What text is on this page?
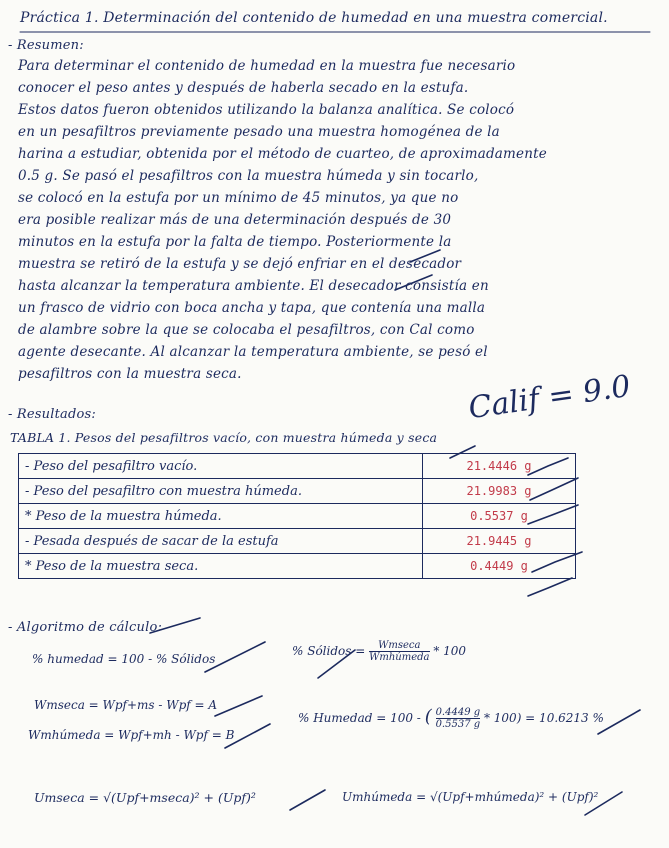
Práctica 1. Determinación del contenido de humedad en una muestra comercial.
- Resumen:
Para determinar el contenido de humedad en la muestra fue necesario
conocer el peso antes y después de haberla secado en la estufa.
Estos datos fueron obtenidos utilizando la balanza analítica. Se colocó
en un pesafiltros previamente pesado una muestra homogénea de la
harina a estudiar, obtenida por el método de cuarteo, de aproximadamente
0.5 g. Se pasó el pesafiltros con la muestra húmeda y sin tocarlo,
se colocó en la estufa por un mínimo de 45 minutos, ya que no
era posible realizar más de una determinación después de 30
minutos en la estufa por la falta de tiempo. Posteriormente la
muestra se retiró de la estufa y se dejó enfriar en el desecador
hasta alcanzar la temperatura ambiente. El desecador consistía en
un frasco de vidrio con boca ancha y tapa, que contenía una malla
de alambre sobre la que se colocaba el pesafiltros, con Cal como
agente desecante. Al alcanzar la temperatura ambiente, se pesó el
pesafiltros con la muestra seca.	Calif = 9.0
- Resultados:
TABLA 1. Pesos del pesafiltros vacío, con muestra húmeda y seca
- Peso del pesafiltro vacío.	21.4446 g
- Peso del pesafiltro con muestra húmeda.	21.9983 g
* Peso de la muestra húmeda.	0.5537 g
- Pesada después de sacar de la estufa	21.9445 g
* Peso de la muestra seca.	0.4449 g
- Algoritmo de cálculo:
% humedad = 100 - % Sólidos
% Sólidos = $\frac{Wmseca}{\text{Wmhúmeda}} * 100$
Wmseca = Wpf+ms - Wpf = A
Wmhúmeda = Wpf+mh - Wpf = B
% Humedad = 100 - ( $\frac{0.4449 g}{0.5537 g} * 100) = 10.6213$ %
Umseca = √(Upf+mseca)² + (Upf)²	Umhúmeda = √(Upf+mhúmeda)² + (Upf)²
